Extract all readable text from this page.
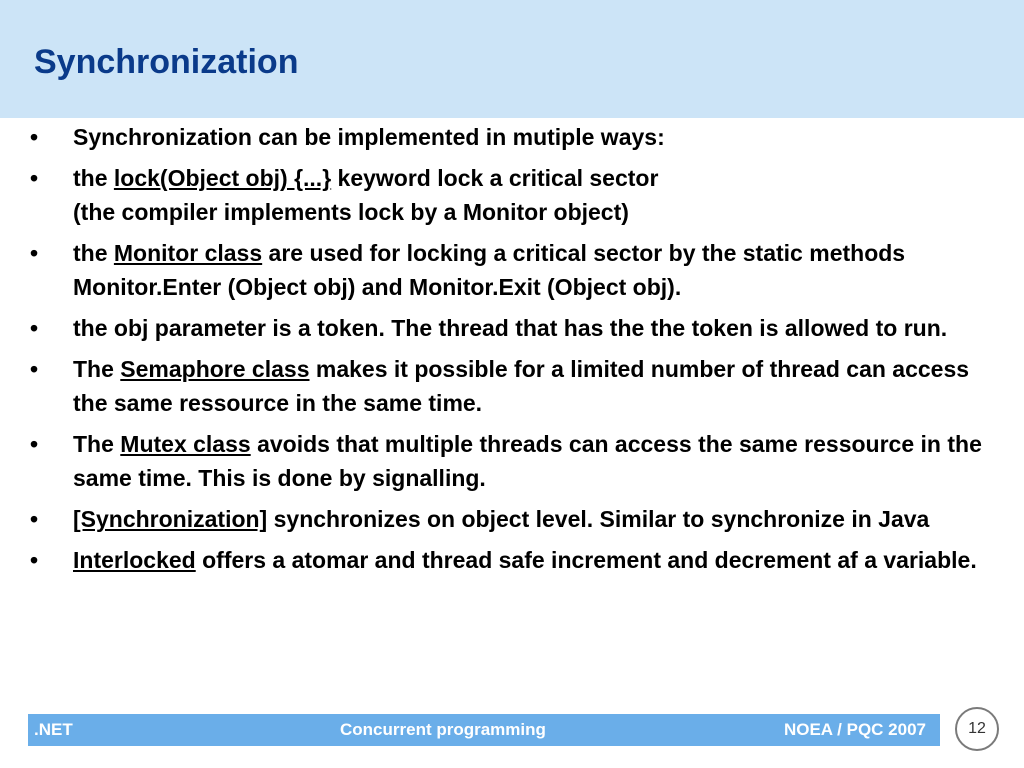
Synchronization
• Synchronization can be implemented in mutiple ways:
• the lock(Object obj) {...} keyword lock a critical sector
(the compiler implements lock by a Monitor object)
• the Monitor class are used for locking a critical sector by the static methods Monitor.Enter (Object obj) and Monitor.Exit (Object obj).
• the obj parameter is a token. The thread that has the the token is allowed to run.
• The Semaphore class makes it possible for a limited number of thread can access the same ressource in the same time.
• The Mutex class avoids that multiple threads can access the same ressource in the same time. This is done by signalling.
• [Synchronization] synchronizes on object level. Similar to synchronize in Java
• Interlocked offers a atomar and thread safe increment and decrement af a variable.
.NET	Concurrent programming	NOEA / PQC 2007	12
